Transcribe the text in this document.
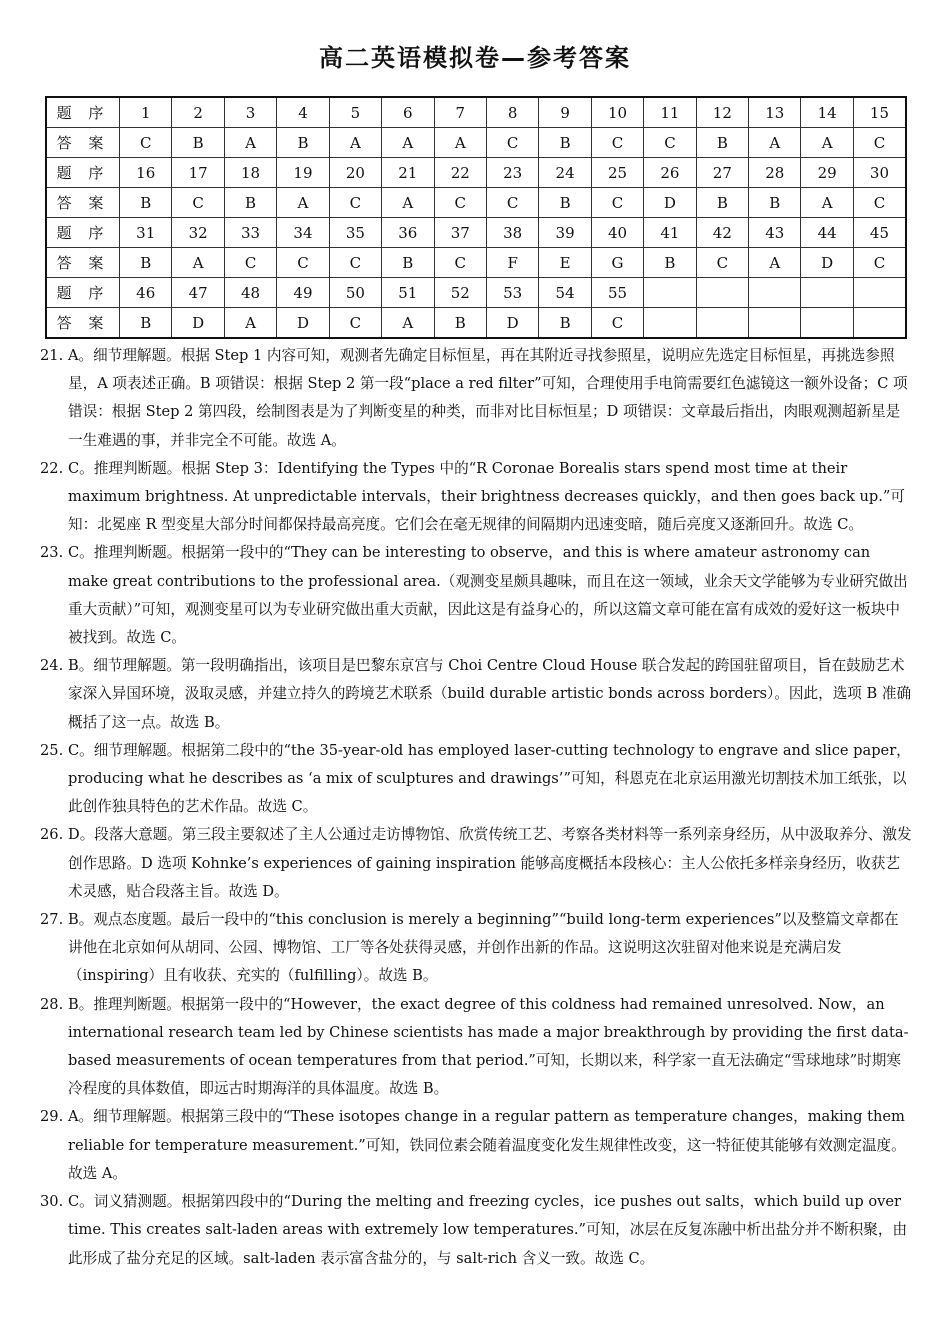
高二英语模拟卷—参考答案
题 序	1	2	3	4	5	6	7	8	9	10	11	12	13	14	15
答 案	C	B	A	B	A	A	A	C	B	C	C	B	A	A	C
题 序	16	17	18	19	20	21	22	23	24	25	26	27	28	29	30
答 案	B	C	B	A	C	A	C	C	B	C	D	B	B	A	C
题 序	31	32	33	34	35	36	37	38	39	40	41	42	43	44	45
答 案	B	A	C	C	C	B	C	F	E	G	B	C	A	D	C
题 序	46	47	48	49	50	51	52	53	54	55					
答 案	B	D	A	D	C	A	B	D	B	C					
21. A。细节理解题。根据 Step 1 内容可知，观测者先确定目标恒星，再在其附近寻找参照星，说明应先选定目标恒星，再挑选参照星，A 项表述正确。B 项错误：根据 Step 2 第一段“place a red filter”可知，合理使用手电筒需要红色滤镜这一额外设备；C 项错误：根据 Step 2 第四段，绘制图表是为了判断变星的种类，而非对比目标恒星；D 项错误：文章最后指出，肉眼观测超新星是一生难遇的事，并非完全不可能。故选 A。
22. C。推理判断题。根据 Step 3：Identifying the Types 中的“R Coronae Borealis stars spend most time at their maximum brightness. At unpredictable intervals，their brightness decreases quickly，and then goes back up.”可知：北冕座 R 型变星大部分时间都保持最高亮度。它们会在毫无规律的间隔期内迅速变暗，随后亮度又逐渐回升。故选 C。
23. C。推理判断题。根据第一段中的“They can be interesting to observe，and this is where amateur astronomy can make great contributions to the professional area.（观测变星颇具趣味，而且在这一领域，业余天文学能够为专业研究做出重大贡献）”可知，观测变星可以为专业研究做出重大贡献，因此这是有益身心的，所以这篇文章可能在富有成效的爱好这一板块中被找到。故选 C。
24. B。细节理解题。第一段明确指出，该项目是巴黎东京宫与 Choi Centre Cloud House 联合发起的跨国驻留项目，旨在鼓励艺术家深入异国环境，汲取灵感，并建立持久的跨境艺术联系（build durable artistic bonds across borders）。因此，选项 B 准确概括了这一点。故选 B。
25. C。细节理解题。根据第二段中的“the 35-year-old has employed laser-cutting technology to engrave and slice paper，producing what he describes as ‘a mix of sculptures and drawings’”可知，科恩克在北京运用激光切割技术加工纸张，以此创作独具特色的艺术作品。故选 C。
26. D。段落大意题。第三段主要叙述了主人公通过走访博物馆、欣赏传统工艺、考察各类材料等一系列亲身经历，从中汲取养分、激发创作思路。D 选项 Kohnke’s experiences of gaining inspiration 能够高度概括本段核心：主人公依托多样亲身经历，收获艺术灵感，贴合段落主旨。故选 D。
27. B。观点态度题。最后一段中的“this conclusion is merely a beginning”“build long-term experiences”以及整篇文章都在讲他在北京如何从胡同、公园、博物馆、工厂等各处获得灵感，并创作出新的作品。这说明这次驻留对他来说是充满启发（inspiring）且有收获、充实的（fulfilling）。故选 B。
28. B。推理判断题。根据第一段中的“However，the exact degree of this coldness had remained unresolved. Now，an international research team led by Chinese scientists has made a major breakthrough by providing the first data-based measurements of ocean temperatures from that period.”可知，长期以来，科学家一直无法确定“雪球地球”时期寒冷程度的具体数值，即远古时期海洋的具体温度。故选 B。
29. A。细节理解题。根据第三段中的“These isotopes change in a regular pattern as temperature changes，making them reliable for temperature measurement.”可知，铁同位素会随着温度变化发生规律性改变，这一特征使其能够有效测定温度。故选 A。
30. C。词义猜测题。根据第四段中的“During the melting and freezing cycles，ice pushes out salts，which build up over time. This creates salt-laden areas with extremely low temperatures.”可知，冰层在反复冻融中析出盐分并不断积聚，由此形成了盐分充足的区域。salt-laden 表示富含盐分的，与 salt-rich 含义一致。故选 C。
